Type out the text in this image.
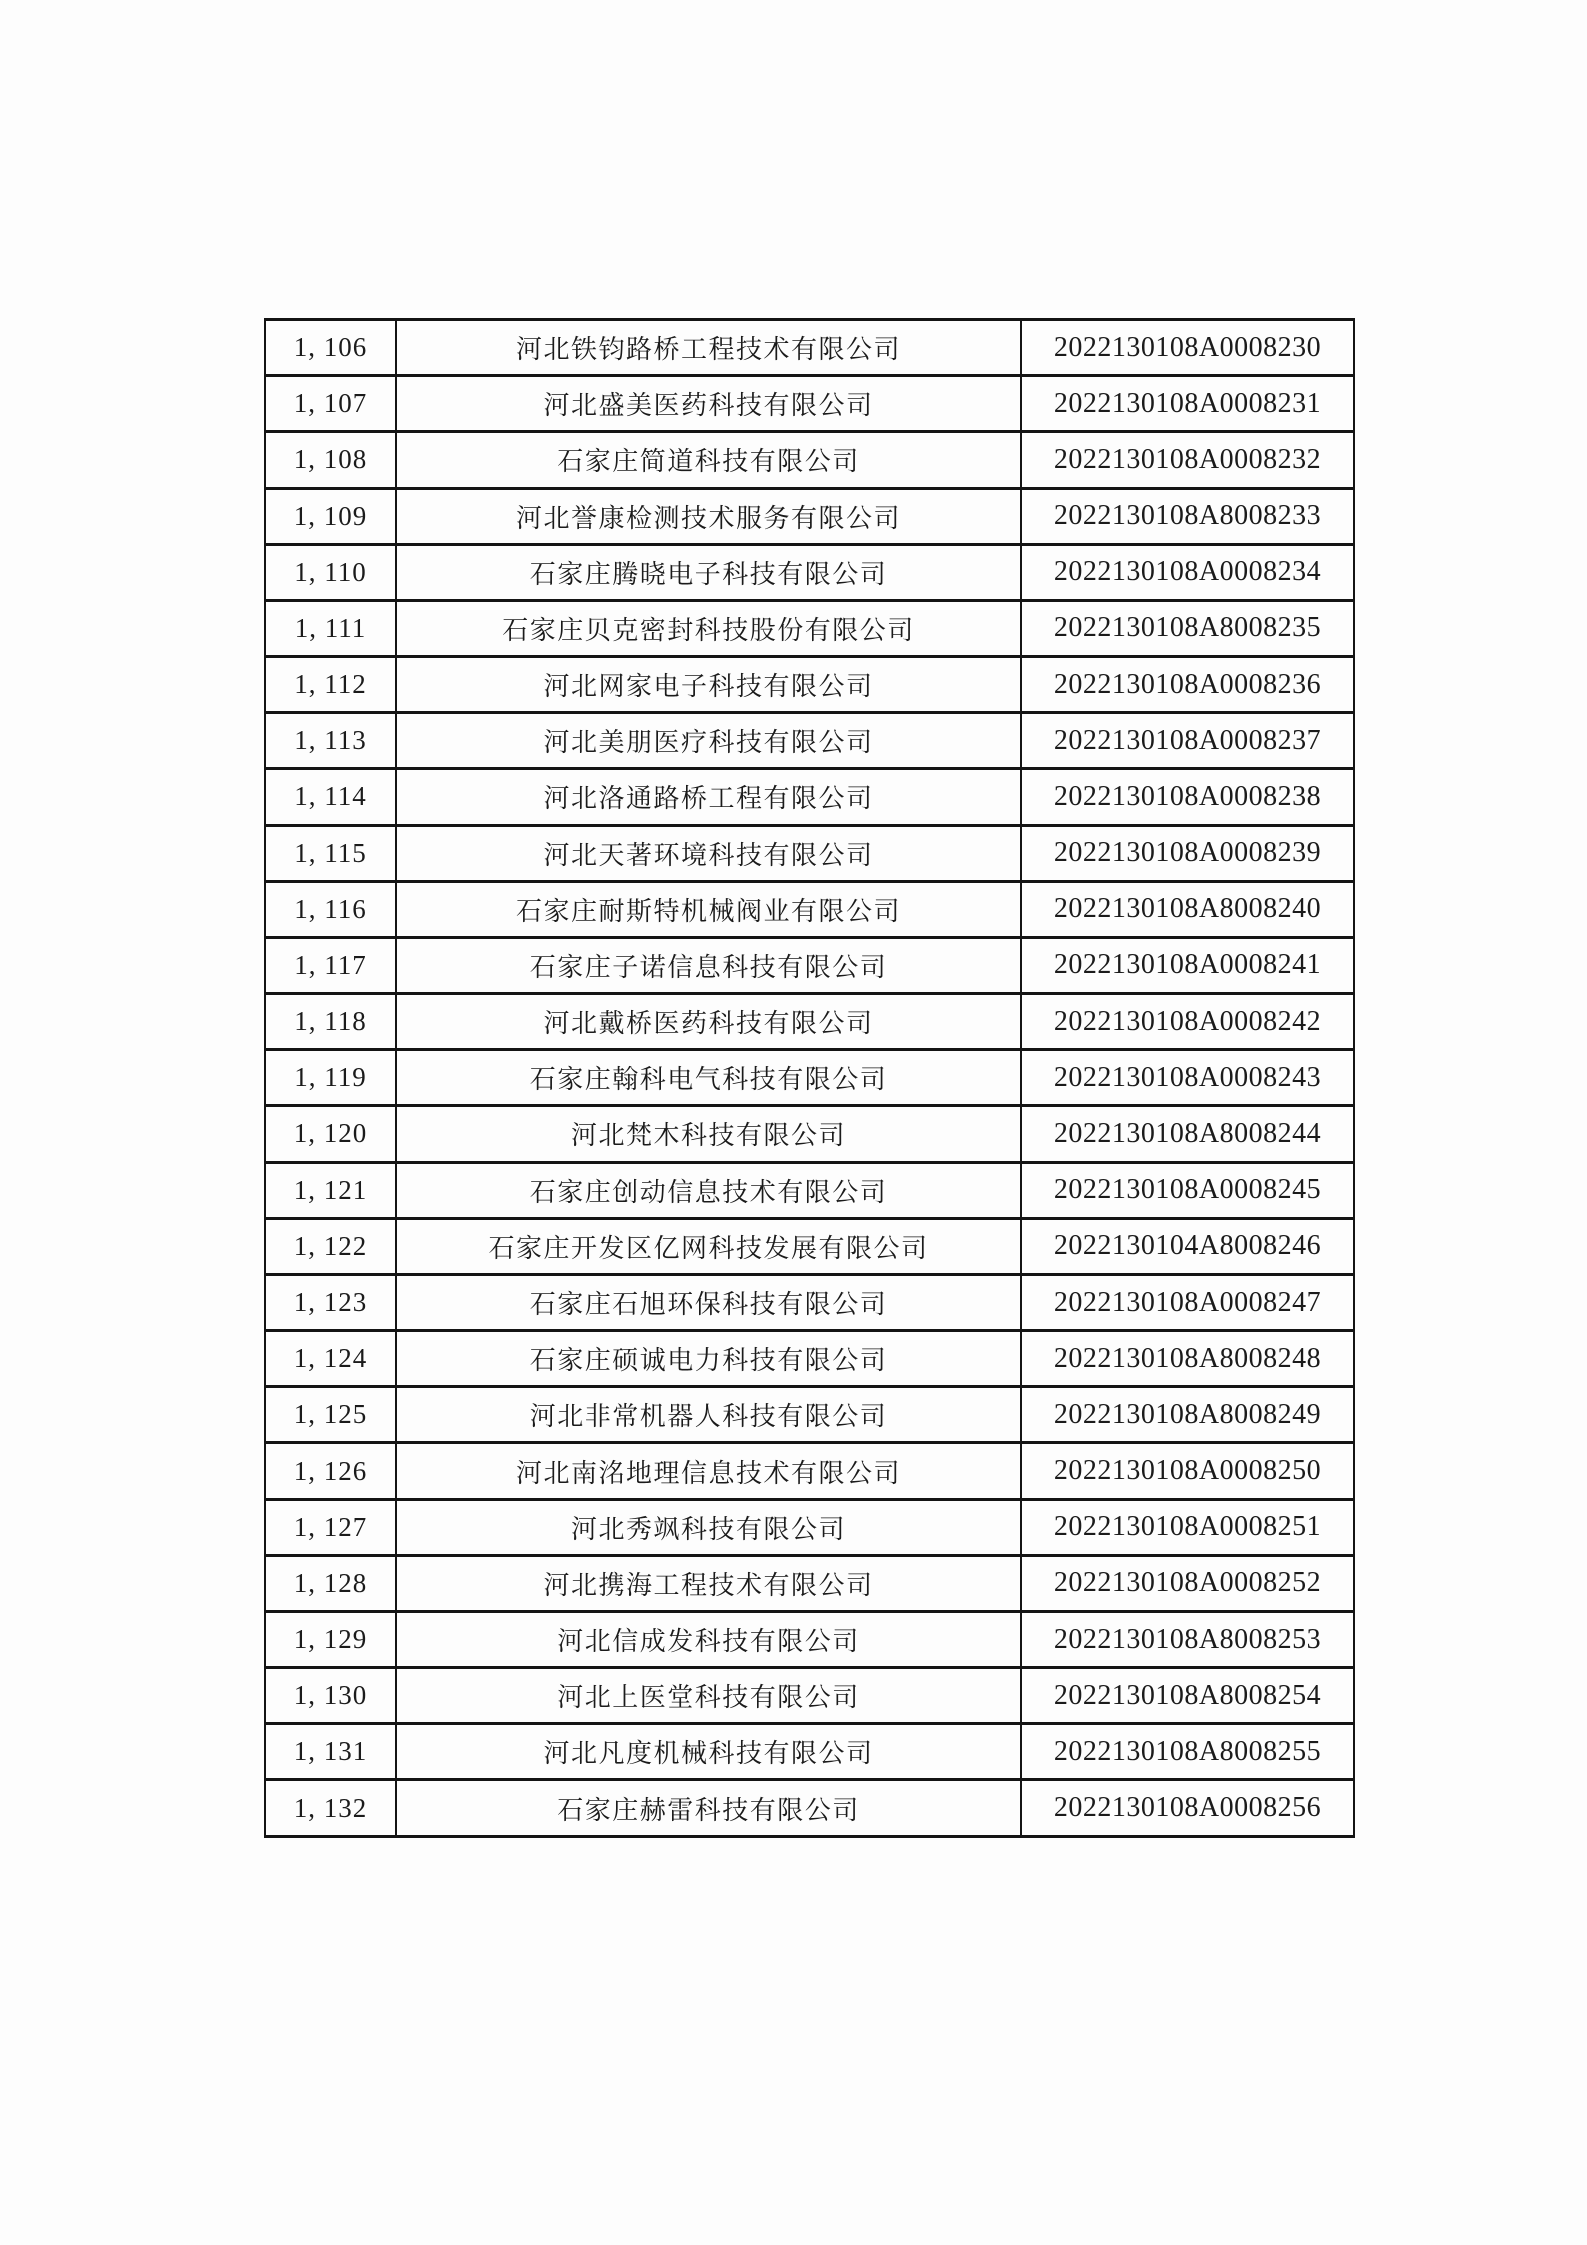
1, 106	河北铁钧路桥工程技术有限公司	2022130108A0008230
1, 107	河北盛美医药科技有限公司	2022130108A0008231
1, 108	石家庄简道科技有限公司	2022130108A0008232
1, 109	河北誉康检测技术服务有限公司	2022130108A8008233
1, 110	石家庄腾晓电子科技有限公司	2022130108A0008234
1, 111	石家庄贝克密封科技股份有限公司	2022130108A8008235
1, 112	河北网家电子科技有限公司	2022130108A0008236
1, 113	河北美朋医疗科技有限公司	2022130108A0008237
1, 114	河北洛通路桥工程有限公司	2022130108A0008238
1, 115	河北天著环境科技有限公司	2022130108A0008239
1, 116	石家庄耐斯特机械阀业有限公司	2022130108A8008240
1, 117	石家庄子诺信息科技有限公司	2022130108A0008241
1, 118	河北戴桥医药科技有限公司	2022130108A0008242
1, 119	石家庄翰科电气科技有限公司	2022130108A0008243
1, 120	河北梵木科技有限公司	2022130108A8008244
1, 121	石家庄创动信息技术有限公司	2022130108A0008245
1, 122	石家庄开发区亿网科技发展有限公司	2022130104A8008246
1, 123	石家庄石旭环保科技有限公司	2022130108A0008247
1, 124	石家庄硕诚电力科技有限公司	2022130108A8008248
1, 125	河北非常机器人科技有限公司	2022130108A8008249
1, 126	河北南洺地理信息技术有限公司	2022130108A0008250
1, 127	河北秀飒科技有限公司	2022130108A0008251
1, 128	河北携海工程技术有限公司	2022130108A0008252
1, 129	河北信成发科技有限公司	2022130108A8008253
1, 130	河北上医堂科技有限公司	2022130108A8008254
1, 131	河北凡度机械科技有限公司	2022130108A8008255
1, 132	石家庄赫雷科技有限公司	2022130108A0008256
